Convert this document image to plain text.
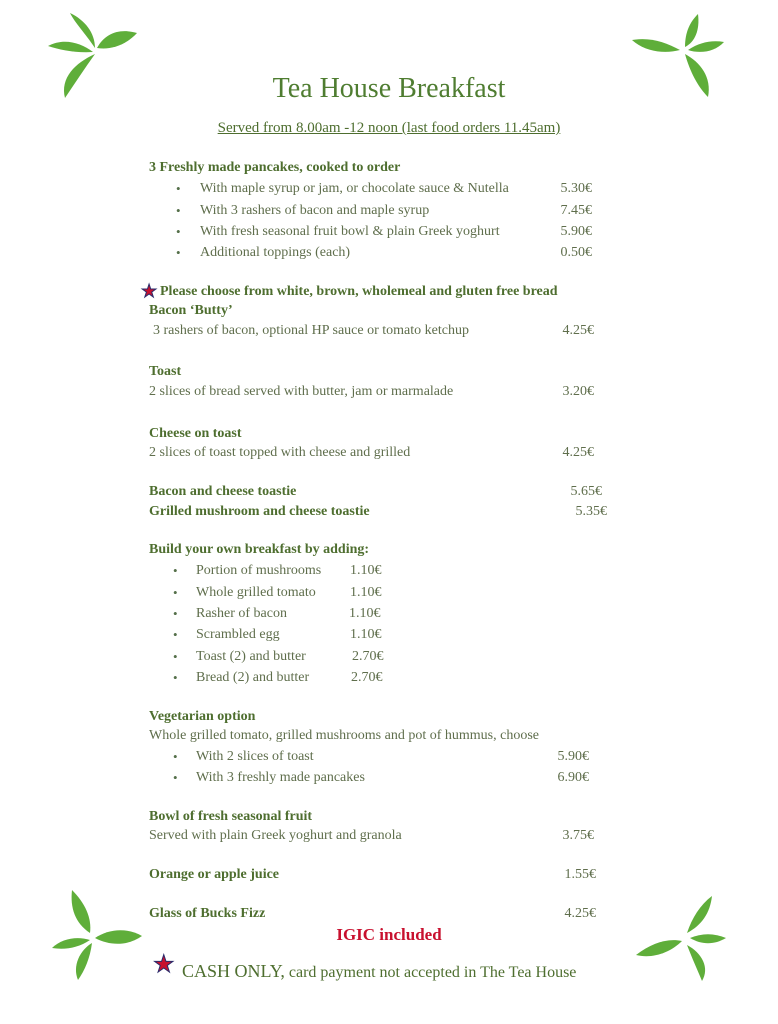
Tea House Breakfast
Served from 8.00am -12 noon (last food orders 11.45am)
3 Freshly made pancakes, cooked to order
• With maple syrup or jam, or chocolate sauce & Nutella	5.30€
• With 3 rashers of bacon and maple syrup	7.45€
• With fresh seasonal fruit bowl & plain Greek yoghurt	5.90€
• Additional toppings (each)	0.50€
★ Please choose from white, brown, wholemeal and gluten free bread
Bacon ‘Butty’
3 rashers of bacon, optional HP sauce or tomato ketchup	4.25€
Toast
2 slices of bread served with butter, jam or marmalade	3.20€
Cheese on toast
2 slices of toast topped with cheese and grilled	4.25€
Bacon and cheese toastie	5.65€
Grilled mushroom and cheese toastie	5.35€
Build your own breakfast by adding:
• Portion of mushrooms 1.10€
• Whole grilled tomato 1.10€
• Rasher of bacon	1.10€
• Scrambled egg	1.10€
• Toast (2) and butter	2.70€
• Bread (2) and butter	2.70€
Vegetarian option
Whole grilled tomato, grilled mushrooms and pot of hummus, choose
• With 2 slices of toast	5.90€
• With 3 freshly made pancakes	6.90€
Bowl of fresh seasonal fruit
Served with plain Greek yoghurt and granola	3.75€
Orange or apple juice	1.55€
Glass of Bucks Fizz	4.25€
IGIC included
★ CASH ONLY, card payment not accepted in The Tea House
